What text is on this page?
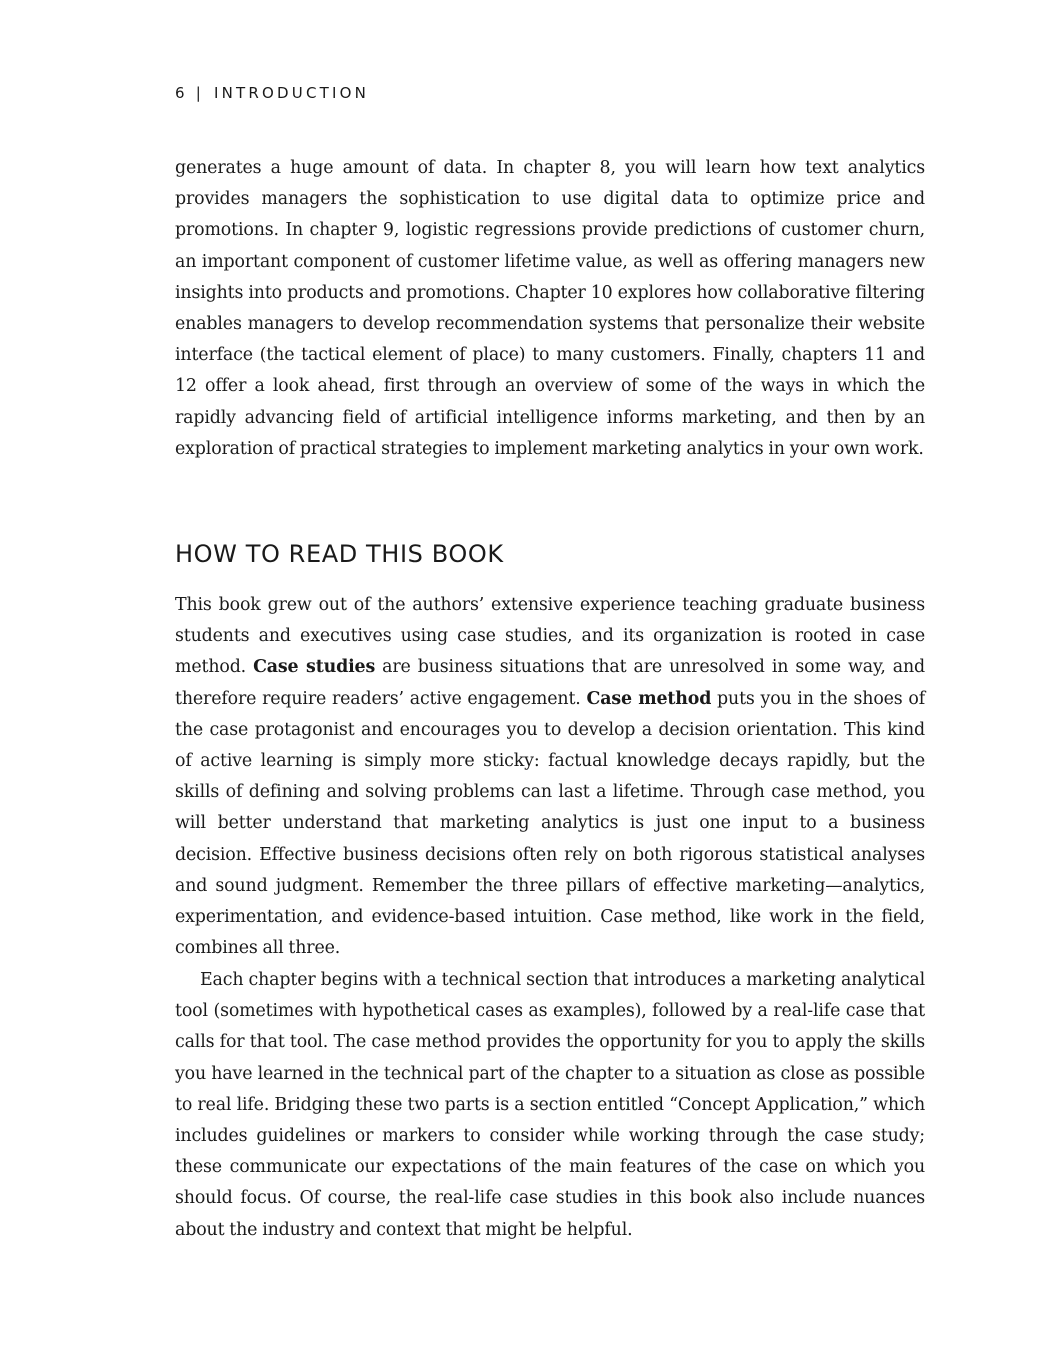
6 | INTRODUCTION

generates a huge amount of data. In chapter 8, you will learn how text analytics provides managers the sophistication to use digital data to optimize price and promotions. In chapter 9, logistic regressions provide predictions of customer churn, an important component of customer lifetime value, as well as offering managers new insights into products and promotions. Chapter 10 explores how collaborative filtering enables managers to develop recommendation systems that personalize their website interface (the tactical element of place) to many customers. Finally, chapters 11 and 12 offer a look ahead, first through an overview of some of the ways in which the rapidly advancing field of artificial intelligence informs marketing, and then by an exploration of practical strategies to implement marketing analytics in your own work.

HOW TO READ THIS BOOK

This book grew out of the authors’ extensive experience teaching graduate business students and executives using case studies, and its organization is rooted in case method. Case studies are business situations that are unresolved in some way, and therefore require readers’ active engagement. Case method puts you in the shoes of the case protagonist and encourages you to develop a decision orientation. This kind of active learning is simply more sticky: factual knowledge decays rapidly, but the skills of defining and solving problems can last a lifetime. Through case method, you will better understand that marketing analytics is just one input to a business decision. Effective business decisions often rely on both rigorous statistical analyses and sound judgment. Remember the three pillars of effective marketing—analytics, experimentation, and evidence-based intuition. Case method, like work in the field, combines all three.

Each chapter begins with a technical section that introduces a marketing analytical tool (sometimes with hypothetical cases as examples), followed by a real-life case that calls for that tool. The case method provides the opportunity for you to apply the skills you have learned in the technical part of the chapter to a situation as close as possible to real life. Bridging these two parts is a section entitled “Concept Application,” which includes guidelines or markers to consider while working through the case study; these communicate our expectations of the main features of the case on which you should focus. Of course, the real-life case studies in this book also include nuances about the industry and context that might be helpful.
